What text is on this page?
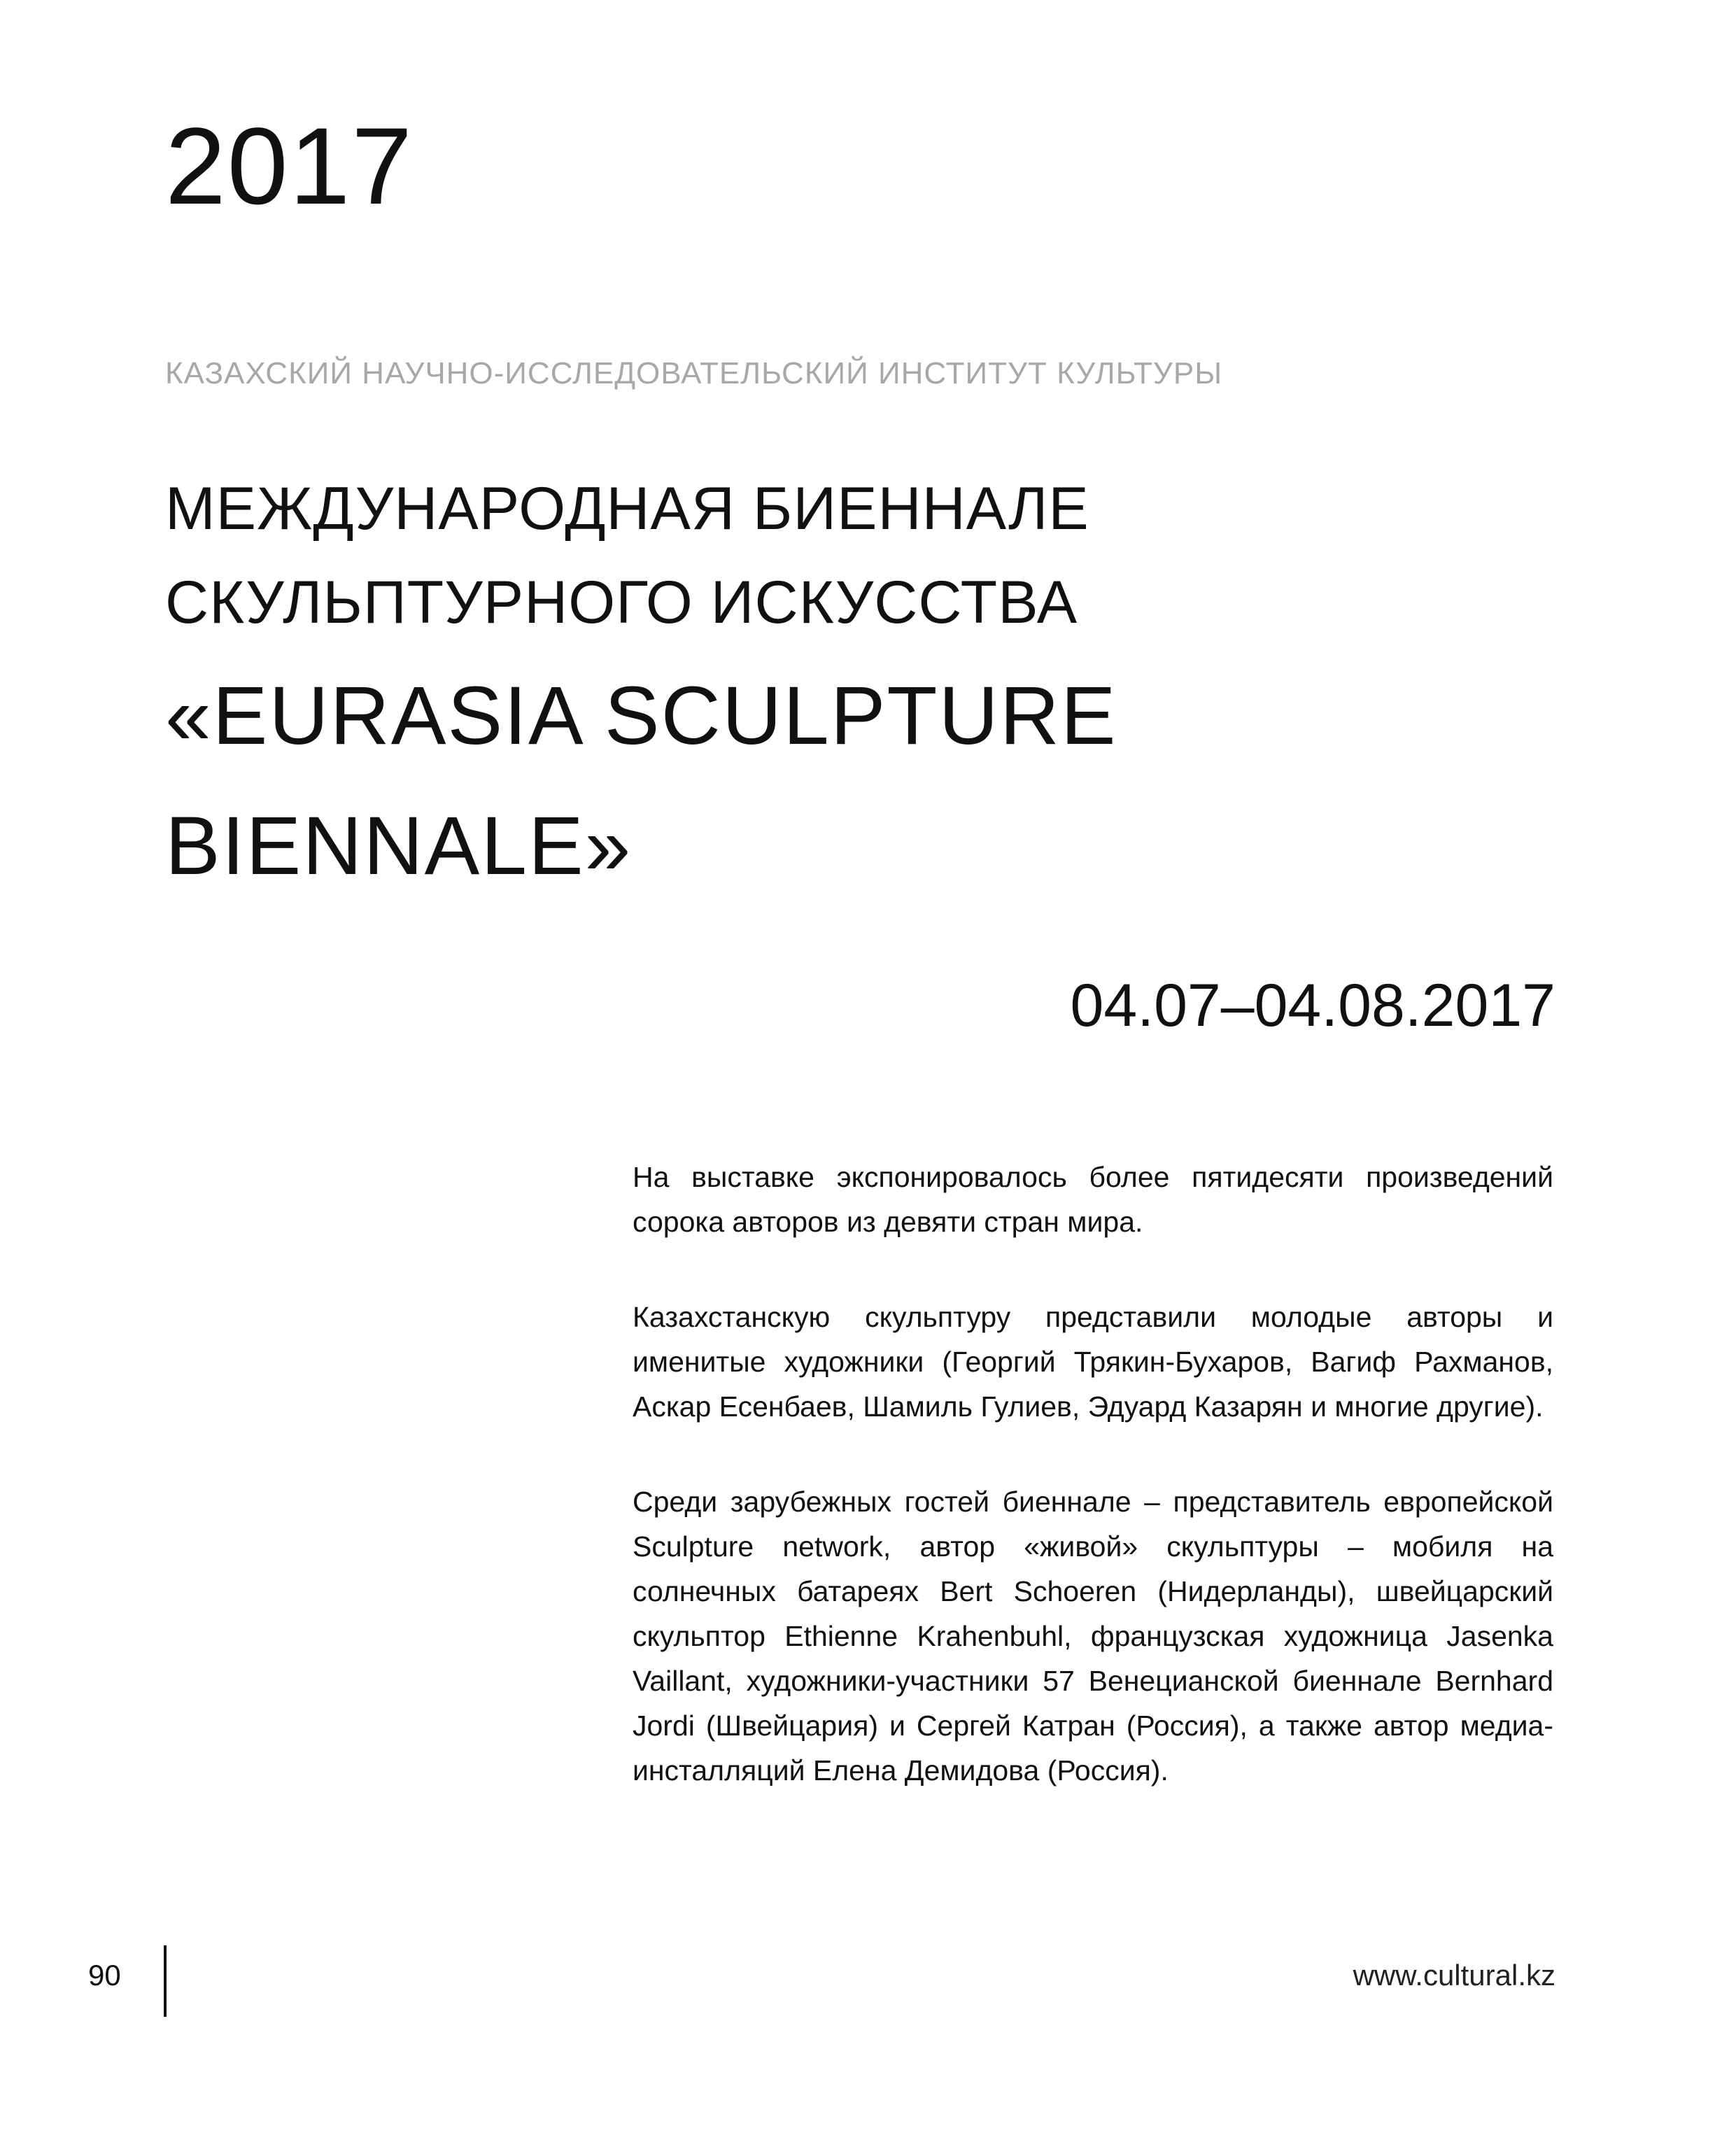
2017

КАЗАХСКИЙ НАУЧНО-ИССЛЕДОВАТЕЛЬСКИЙ ИНСТИТУТ КУЛЬТУРЫ

МЕЖДУНАРОДНАЯ БИЕННАЛЕ

СКУЛЬПТУРНОГО ИСКУССТВА

«EURASIA SCULPTURE

BIENNALE»

04.07–04.08.2017

На выставке экспонировалось более пятидесяти произведений сорока авторов из девяти стран мира.

Казахстанскую скульптуру представили молодые авторы и именитые художники (Георгий Трякин-Бухаров, Вагиф Рахманов, Аскар Есенбаев, Шамиль Гулиев, Эдуард Казарян и многие другие).

Среди зарубежных гостей биеннале – представитель европейской Sculpture network, автор «живой» скульптуры – мобиля на солнечных батареях Bert Schoeren (Нидерланды), швейцарский скульптор Ethienne Krahenbuhl, французская художница Jasenka Vaillant, художники-участники 57 Венецианской биеннале Bernhard Jordi (Швейцария) и Сергей Катран (Россия), а также автор медиа-инсталляций Елена Демидова (Россия).

90	www.cultural.kz
